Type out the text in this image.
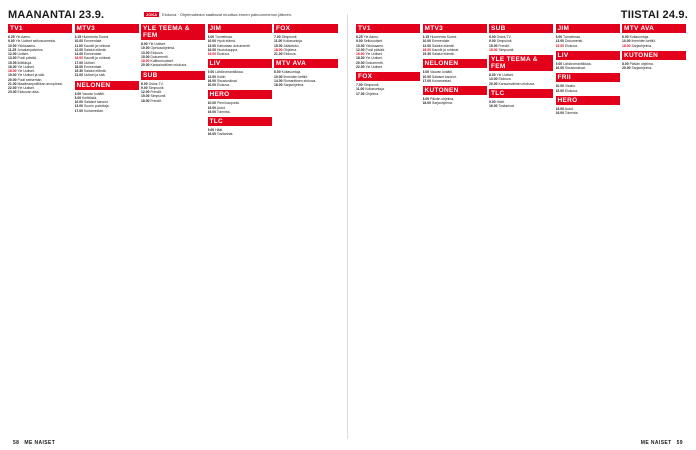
MAANANTAI 23.9.	JOKA Elokuva · Ohjelmatiedot saattavat muuttua ennen painoonmenon jälkeen.
TV1

6.25 Yle Aamu.

9.00 Yle Uutiset selkosuomeksi.

10.00 Ykkösaamu.

11.25 Jumalanpalvelus.

12.00 Uutiset.

13.00 Puoli päivää.

15.05 Ikiliikkuja.

16.00 Yle Uutiset.

18.00 Yle Uutiset.

19.00 Yle Uutiset ja sää.

20.00 Puoli seitsemän.

21.00 Maailmanpolitiikan arvopörssi.

22.00 Yle Uutiset.

23.00 Elokuvan aika.

MTV3

6.15 Huomenta Suomi.

10.00 Emmerdale.

11.00 Kauniit ja rohkeat.

12.00 Salatut elämät.

14.00 Emmerdale.

16.00 Kauniit ja rohkeat.

17.00 Uutiset.

18.00 Emmerdale.

19.30 Salatut elämät.

21.00 Uutiset ja sää.

NELONEN

6.00 Vauvan kotiäiti.

8.00 Keittiöstä.

10.00 Salaiset kansiot.

13.00 Suurin pudottaja.

17.00 Koiramestari.

YLE TEEMA & FEM

8.00 Yle Uutiset.

10.00 Opetusohjelmia.

13.00 Elokuva.

15.00 Dokumentti.

18.00 Kulttuuriuutiset.

20.00 Kansainvälinen elokuva.

SUB

6.00 Ostos-TV.

9.00 Simpsonit.

12.00 Frendit.

15.00 Simpsonit.

18.00 Frendit.

JIM

8.00 Tunnelmaa.

10.00 Hyvä elämä.

13.00 Katsotaan dokumentti.

16.00 Huutokauppa.

19.00 Elokuva.

LIV

9.00 Lähiöromantiikkaa.

12.00 Kotiin.

16.00 Sisustuskisat.

20.00 Elokuva.

HERO

10.00 Pieni kaupunki.

15.00 Autot.

19.00 Toiminta.

TLC

9.00 Häät.

16.00 Tositarinat.

FOX

7.00 Simpsonit.

11.00 Kotiasuntoja.

15.00 Jääkiekko.

18.00 Ohjelma.

21.00 Elokuva.

MTV AVA

6.00 Kotiasuntoja.

10.00 Ihmeiden keittiö.

14.00 Romanttinen elokuva.

18.00 Sarjaohjelma.

58 ME NAISET
TIISTAI 24.9.
TV1

6.25 Yle Aamu.

9.00 Selkouutiset.

10.00 Ykkösaamu.

12.00 Puoli päivää.

16.00 Yle Uutiset.

18.00 Yle Uutiset.

20.00 Dokumentti.

22.00 Yle Uutiset.

FOX

7.00 Simpsonit.

11.00 Kotiasuntoja.

17.00 Ohjelma.

MTV3

6.15 Huomenta Suomi.

10.00 Emmerdale.

12.00 Salatut elämät.

16.00 Kauniit ja rohkeat.

19.30 Salatut elämät.

NELONEN

6.00 Vauvan kotiäiti.

10.00 Salaiset kansiot.

17.00 Koiramestari.

KUTONEN

8.00 Päivän ohjelma.

18.00 Sarjaohjelma.

SUB

6.00 Ostos-TV.

9.00 Simpsonit.

15.00 Frendit.

18.00 Simpsonit.

YLE TEEMA & FEM

8.00 Yle Uutiset.

13.00 Elokuva.

20.00 Kansainvälinen elokuva.

TLC

9.00 Häät.

16.00 Tositarinat.

JIM

8.00 Tunnelmaa.

13.00 Dokumentti.

19.00 Elokuva.

LIV

9.00 Lähiöromantiikkaa.

16.00 Sisustuskisat.

FRII

10.00 Visailu.

15.00 Elokuva.

HERO

15.00 Autot.

19.00 Toiminta.

MTV AVA

6.00 Kotiasuntoja.

10.00 Ihmeiden keittiö.

18.00 Sarjaohjelma.

KUTONEN

8.00 Päivän ohjelma.

20.00 Sarjaohjelma.

ME NAISET 59
